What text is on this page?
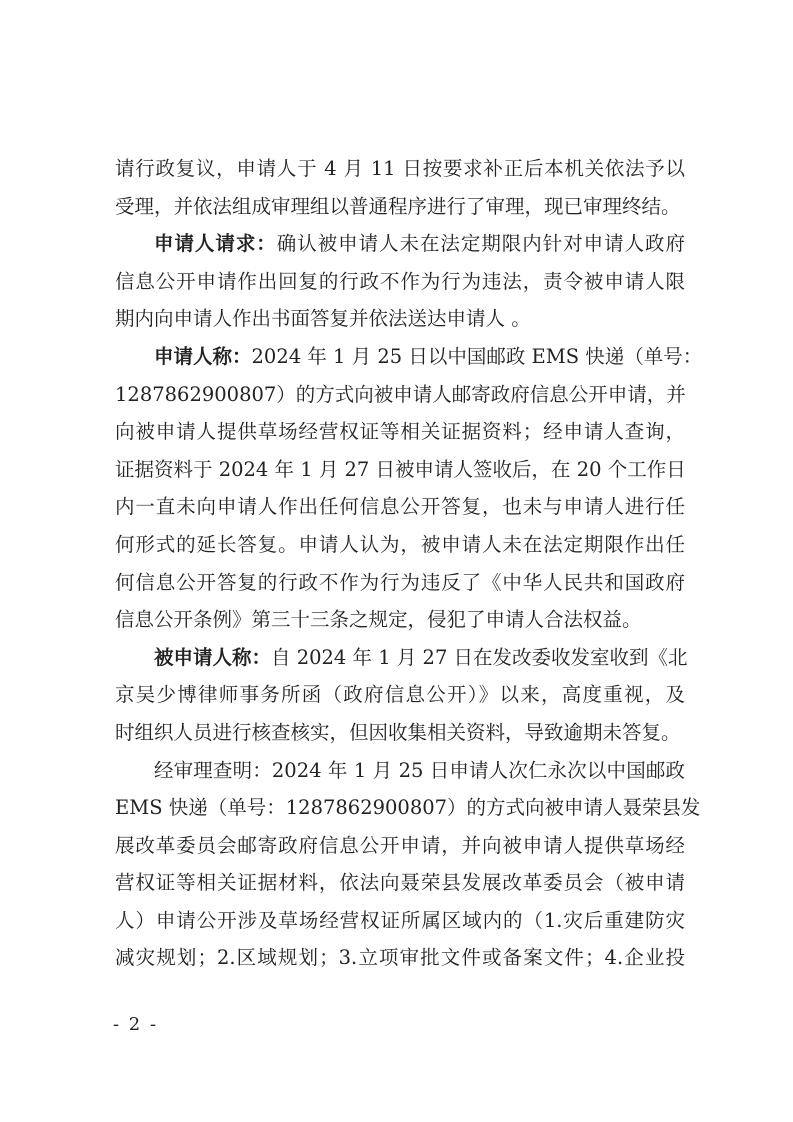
请行政复议，申请人于 4 月 11 日按要求补正后本机关依法予以
受理，并依法组成审理组以普通程序进行了审理，现已审理终结。
申请人请求：确认被申请人未在法定期限内针对申请人政府
信息公开申请作出回复的行政不作为行为违法，责令被申请人限
期内向申请人作出书面答复并依法送达申请人 。
申请人称：2024 年 1 月 25 日以中国邮政 EMS 快递（单号：
1287862900807）的方式向被申请人邮寄政府信息公开申请，并
向被申请人提供草场经营权证等相关证据资料；经申请人查询，
证据资料于 2024 年 1 月 27 日被申请人签收后，在 20 个工作日
内一直未向申请人作出任何信息公开答复，也未与申请人进行任
何形式的延长答复。申请人认为，被申请人未在法定期限作出任
何信息公开答复的行政不作为行为违反了《中华人民共和国政府
信息公开条例》第三十三条之规定，侵犯了申请人合法权益。
被申请人称：自 2024 年 1 月 27 日在发改委收发室收到《北
京吴少博律师事务所函（政府信息公开）》以来，高度重视，及
时组织人员进行核查核实，但因收集相关资料，导致逾期未答复。
经审理查明：2024 年 1 月 25 日申请人次仁永次以中国邮政
EMS 快递（单号：1287862900807）的方式向被申请人聂荣县发
展改革委员会邮寄政府信息公开申请，并向被申请人提供草场经
营权证等相关证据材料，依法向聂荣县发展改革委员会（被申请
人）申请公开涉及草场经营权证所属区域内的（1.灾后重建防灾
减灾规划；2.区域规划；3.立项审批文件或备案文件；4.企业投
- 2 -
